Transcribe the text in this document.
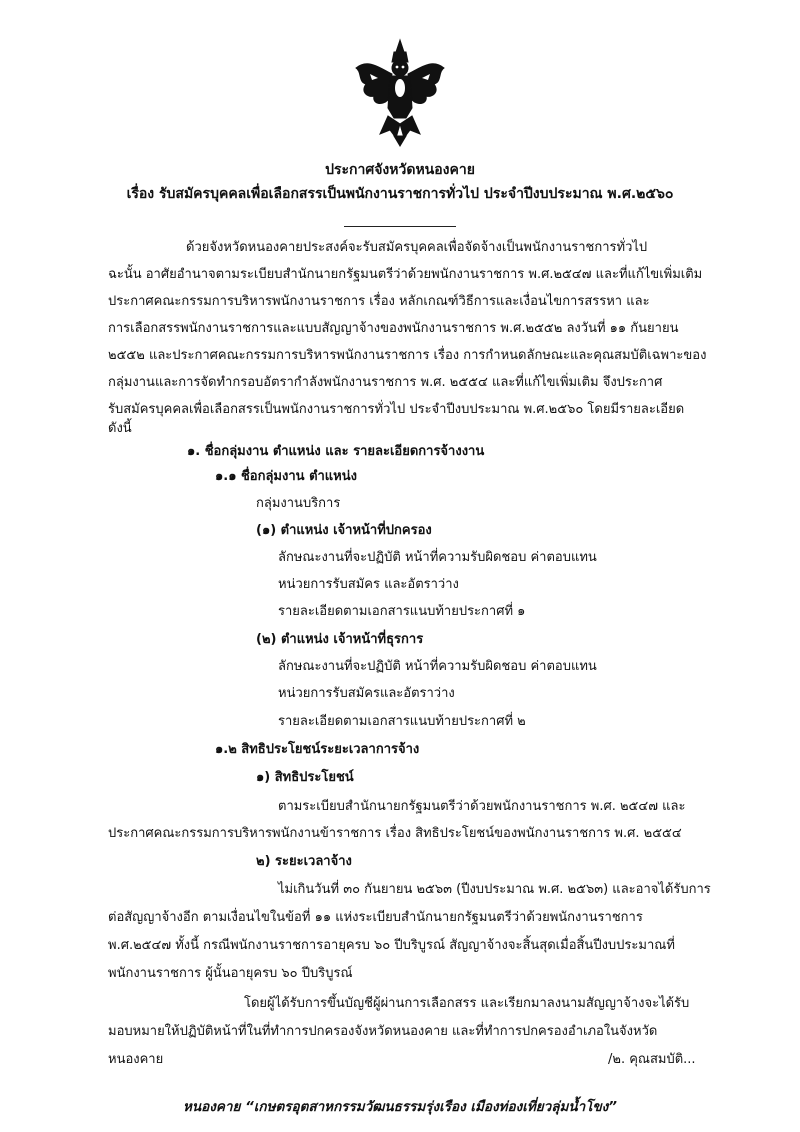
ประกาศจังหวัดหนองคาย
เรื่อง รับสมัครบุคคลเพื่อเลือกสรรเป็นพนักงานราชการทั่วไป ประจำปีงบประมาณ พ.ศ.๒๕๖๐
ด้วยจังหวัดหนองคายประสงค์จะรับสมัครบุคคลเพื่อจัดจ้างเป็นพนักงานราชการทั่วไป
ฉะนั้น อาศัยอำนาจตามระเบียบสำนักนายกรัฐมนตรีว่าด้วยพนักงานราชการ พ.ศ.๒๕๔๗ และที่แก้ไขเพิ่มเติม
ประกาศคณะกรรมการบริหารพนักงานราชการ เรื่อง หลักเกณฑ์วิธีการและเงื่อนไขการสรรหา และ
การเลือกสรรพนักงานราชการและแบบสัญญาจ้างของพนักงานราชการ พ.ศ.๒๕๕๒ ลงวันที่ ๑๑ กันยายน
๒๕๕๒ และประกาศคณะกรรมการบริหารพนักงานราชการ เรื่อง การกำหนดลักษณะและคุณสมบัติเฉพาะของ
กลุ่มงานและการจัดทำกรอบอัตรากำลังพนักงานราชการ พ.ศ. ๒๕๕๔ และที่แก้ไขเพิ่มเติม จึงประกาศ
รับสมัครบุคคลเพื่อเลือกสรรเป็นพนักงานราชการทั่วไป ประจำปีงบประมาณ พ.ศ.๒๕๖๐ โดยมีรายละเอียด
ดังนี้
๑. ชื่อกลุ่มงาน ตำแหน่ง และ รายละเอียดการจ้างงาน
๑.๑ ชื่อกลุ่มงาน ตำแหน่ง
กลุ่มงานบริการ
(๑) ตำแหน่ง เจ้าหน้าที่ปกครอง
ลักษณะงานที่จะปฏิบัติ หน้าที่ความรับผิดชอบ ค่าตอบแทน
หน่วยการรับสมัคร และอัตราว่าง
รายละเอียดตามเอกสารแนบท้ายประกาศที่ ๑
(๒) ตำแหน่ง เจ้าหน้าที่ธุรการ
ลักษณะงานที่จะปฏิบัติ หน้าที่ความรับผิดชอบ ค่าตอบแทน
หน่วยการรับสมัครและอัตราว่าง
รายละเอียดตามเอกสารแนบท้ายประกาศที่ ๒
๑.๒ สิทธิประโยชน์ระยะเวลาการจ้าง
๑) สิทธิประโยชน์
ตามระเบียบสำนักนายกรัฐมนตรีว่าด้วยพนักงานราชการ พ.ศ. ๒๕๔๗ และ
ประกาศคณะกรรมการบริหารพนักงานข้าราชการ เรื่อง สิทธิประโยชน์ของพนักงานราชการ พ.ศ. ๒๕๕๔
๒) ระยะเวลาจ้าง
ไม่เกินวันที่ ๓๐ กันยายน ๒๕๖๓ (ปีงบประมาณ พ.ศ. ๒๕๖๓) และอาจได้รับการ
ต่อสัญญาจ้างอีก ตามเงื่อนไขในข้อที่ ๑๑ แห่งระเบียบสำนักนายกรัฐมนตรีว่าด้วยพนักงานราชการ
พ.ศ.๒๕๔๗ ทั้งนี้ กรณีพนักงานราชการอายุครบ ๖๐ ปีบริบูรณ์ สัญญาจ้างจะสิ้นสุดเมื่อสิ้นปีงบประมาณที่
พนักงานราชการ ผู้นั้นอายุครบ ๖๐ ปีบริบูรณ์
โดยผู้ได้รับการขึ้นบัญชีผู้ผ่านการเลือกสรร และเรียกมาลงนามสัญญาจ้างจะได้รับ
มอบหมายให้ปฏิบัติหน้าที่ในที่ทำการปกครองจังหวัดหนองคาย และที่ทำการปกครองอำเภอในจังหวัด
หนองคาย	/๒. คุณสมบัติ...
หนองคาย “เกษตรอุตสาหกรรมวัฒนธรรมรุ่งเรือง เมืองท่องเที่ยวลุ่มน้ำโขง”
